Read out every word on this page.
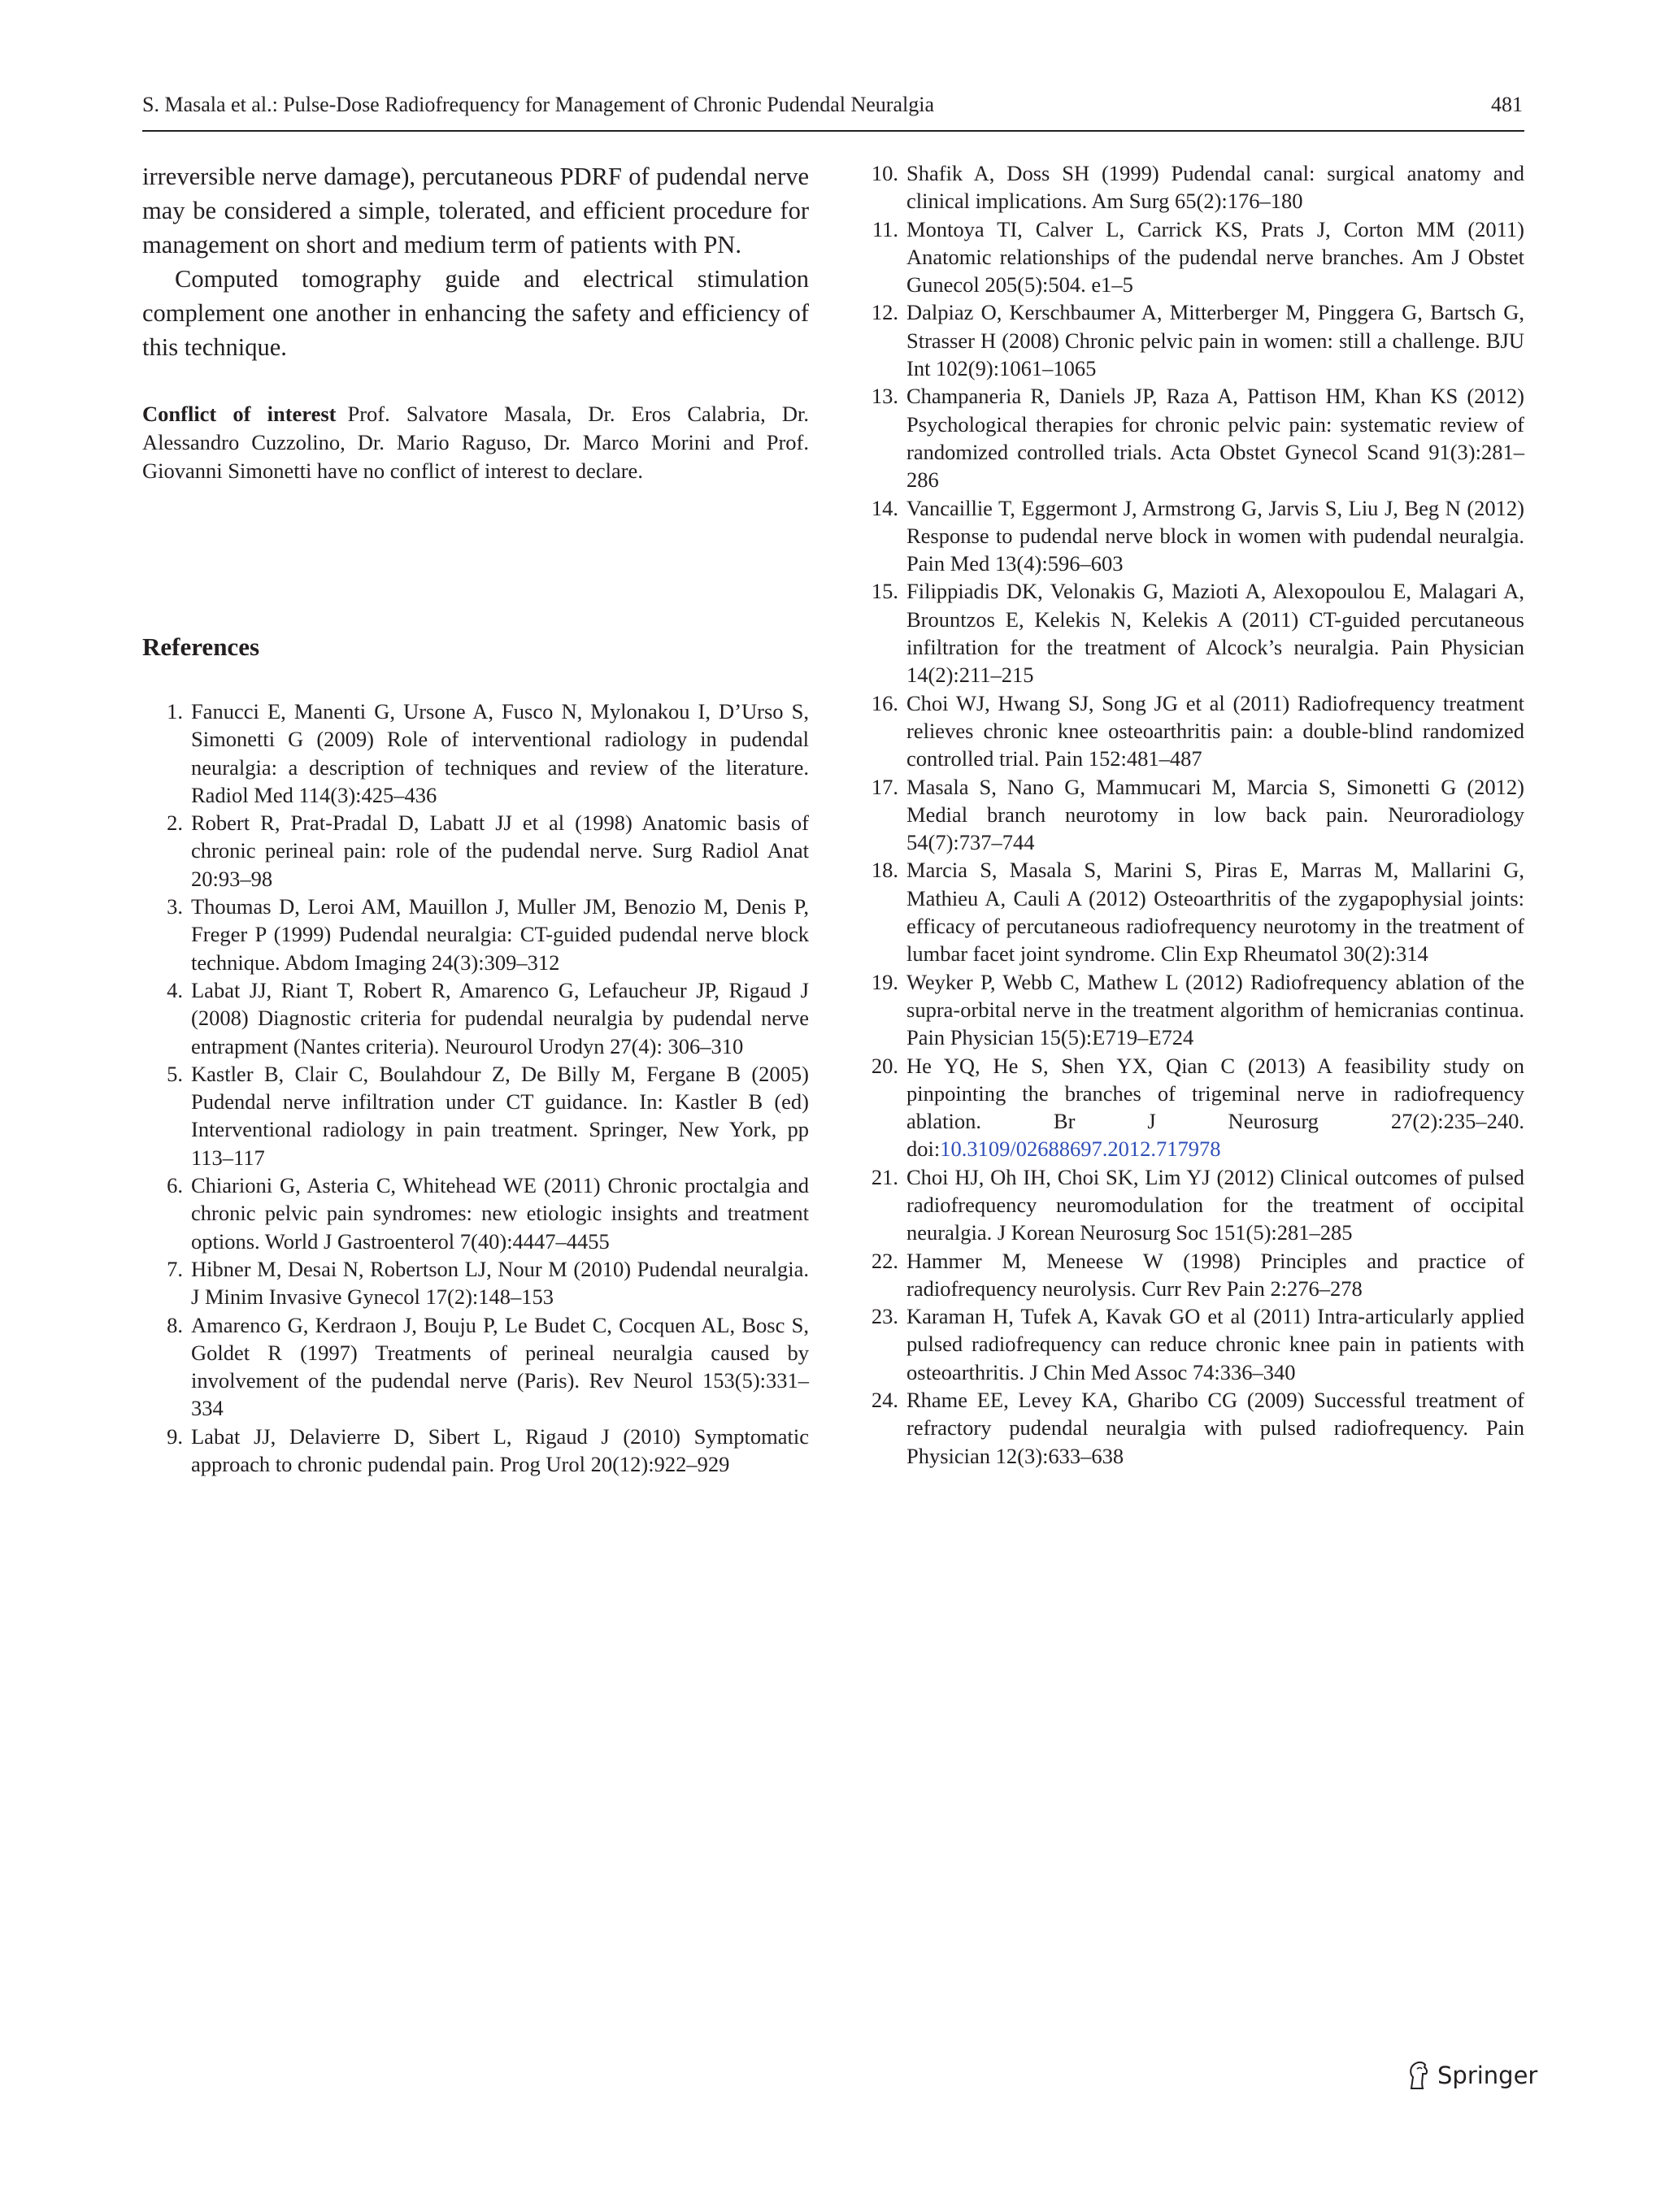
S. Masala et al.: Pulse-Dose Radiofrequency for Management of Chronic Pudendal Neuralgia	481

irreversible nerve damage), percutaneous PDRF of pudendal nerve may be considered a simple, tolerated, and efficient procedure for management on short and medium term of patients with PN.

Computed tomography guide and electrical stimulation complement one another in enhancing the safety and efficiency of this technique.

Conflict of interest Prof. Salvatore Masala, Dr. Eros Calabria, Dr. Alessandro Cuzzolino, Dr. Mario Raguso, Dr. Marco Morini and Prof. Giovanni Simonetti have no conflict of interest to declare.
References
1. Fanucci E, Manenti G, Ursone A, Fusco N, Mylonakou I, D’Urso S, Simonetti G (2009) Role of interventional radiology in pudendal neuralgia: a description of techniques and review of the literature. Radiol Med 114(3):425–436
2. Robert R, Prat-Pradal D, Labatt JJ et al (1998) Anatomic basis of chronic perineal pain: role of the pudendal nerve. Surg Radiol Anat 20:93–98
3. Thoumas D, Leroi AM, Mauillon J, Muller JM, Benozio M, Denis P, Freger P (1999) Pudendal neuralgia: CT-guided pudendal nerve block technique. Abdom Imaging 24(3):309–312
4. Labat JJ, Riant T, Robert R, Amarenco G, Lefaucheur JP, Rigaud J (2008) Diagnostic criteria for pudendal neuralgia by pudendal nerve entrapment (Nantes criteria). Neurourol Urodyn 27(4): 306–310
5. Kastler B, Clair C, Boulahdour Z, De Billy M, Fergane B (2005) Pudendal nerve infiltration under CT guidance. In: Kastler B (ed) Interventional radiology in pain treatment. Springer, New York, pp 113–117
6. Chiarioni G, Asteria C, Whitehead WE (2011) Chronic proctalgia and chronic pelvic pain syndromes: new etiologic insights and treatment options. World J Gastroenterol 7(40):4447–4455
7. Hibner M, Desai N, Robertson LJ, Nour M (2010) Pudendal neuralgia. J Minim Invasive Gynecol 17(2):148–153
8. Amarenco G, Kerdraon J, Bouju P, Le Budet C, Cocquen AL, Bosc S, Goldet R (1997) Treatments of perineal neuralgia caused by involvement of the pudendal nerve (Paris). Rev Neurol 153(5):331–334
9. Labat JJ, Delavierre D, Sibert L, Rigaud J (2010) Symptomatic approach to chronic pudendal pain. Prog Urol 20(12):922–929
10. Shafik A, Doss SH (1999) Pudendal canal: surgical anatomy and clinical implications. Am Surg 65(2):176–180
11. Montoya TI, Calver L, Carrick KS, Prats J, Corton MM (2011) Anatomic relationships of the pudendal nerve branches. Am J Obstet Gunecol 205(5):504. e1–5
12. Dalpiaz O, Kerschbaumer A, Mitterberger M, Pinggera G, Bartsch G, Strasser H (2008) Chronic pelvic pain in women: still a challenge. BJU Int 102(9):1061–1065
13. Champaneria R, Daniels JP, Raza A, Pattison HM, Khan KS (2012) Psychological therapies for chronic pelvic pain: systematic review of randomized controlled trials. Acta Obstet Gynecol Scand 91(3):281–286
14. Vancaillie T, Eggermont J, Armstrong G, Jarvis S, Liu J, Beg N (2012) Response to pudendal nerve block in women with pudendal neuralgia. Pain Med 13(4):596–603
15. Filippiadis DK, Velonakis G, Mazioti A, Alexopoulou E, Malagari A, Brountzos E, Kelekis N, Kelekis A (2011) CT-guided percutaneous infiltration for the treatment of Alcock’s neuralgia. Pain Physician 14(2):211–215
16. Choi WJ, Hwang SJ, Song JG et al (2011) Radiofrequency treatment relieves chronic knee osteoarthritis pain: a double-blind randomized controlled trial. Pain 152:481–487
17. Masala S, Nano G, Mammucari M, Marcia S, Simonetti G (2012) Medial branch neurotomy in low back pain. Neuroradiology 54(7):737–744
18. Marcia S, Masala S, Marini S, Piras E, Marras M, Mallarini G, Mathieu A, Cauli A (2012) Osteoarthritis of the zygapophysial joints: efficacy of percutaneous radiofrequency neurotomy in the treatment of lumbar facet joint syndrome. Clin Exp Rheumatol 30(2):314
19. Weyker P, Webb C, Mathew L (2012) Radiofrequency ablation of the supra-orbital nerve in the treatment algorithm of hemicranias continua. Pain Physician 15(5):E719–E724
20. He YQ, He S, Shen YX, Qian C (2013) A feasibility study on pinpointing the branches of trigeminal nerve in radiofrequency ablation. Br J Neurosurg 27(2):235–240. doi:10.3109/02688697.2012.717978
21. Choi HJ, Oh IH, Choi SK, Lim YJ (2012) Clinical outcomes of pulsed radiofrequency neuromodulation for the treatment of occipital neuralgia. J Korean Neurosurg Soc 151(5):281–285
22. Hammer M, Meneese W (1998) Principles and practice of radiofrequency neurolysis. Curr Rev Pain 2:276–278
23. Karaman H, Tufek A, Kavak GO et al (2011) Intra-articularly applied pulsed radiofrequency can reduce chronic knee pain in patients with osteoarthritis. J Chin Med Assoc 74:336–340
24. Rhame EE, Levey KA, Gharibo CG (2009) Successful treatment of refractory pudendal neuralgia with pulsed radiofrequency. Pain Physician 12(3):633–638
Springer
